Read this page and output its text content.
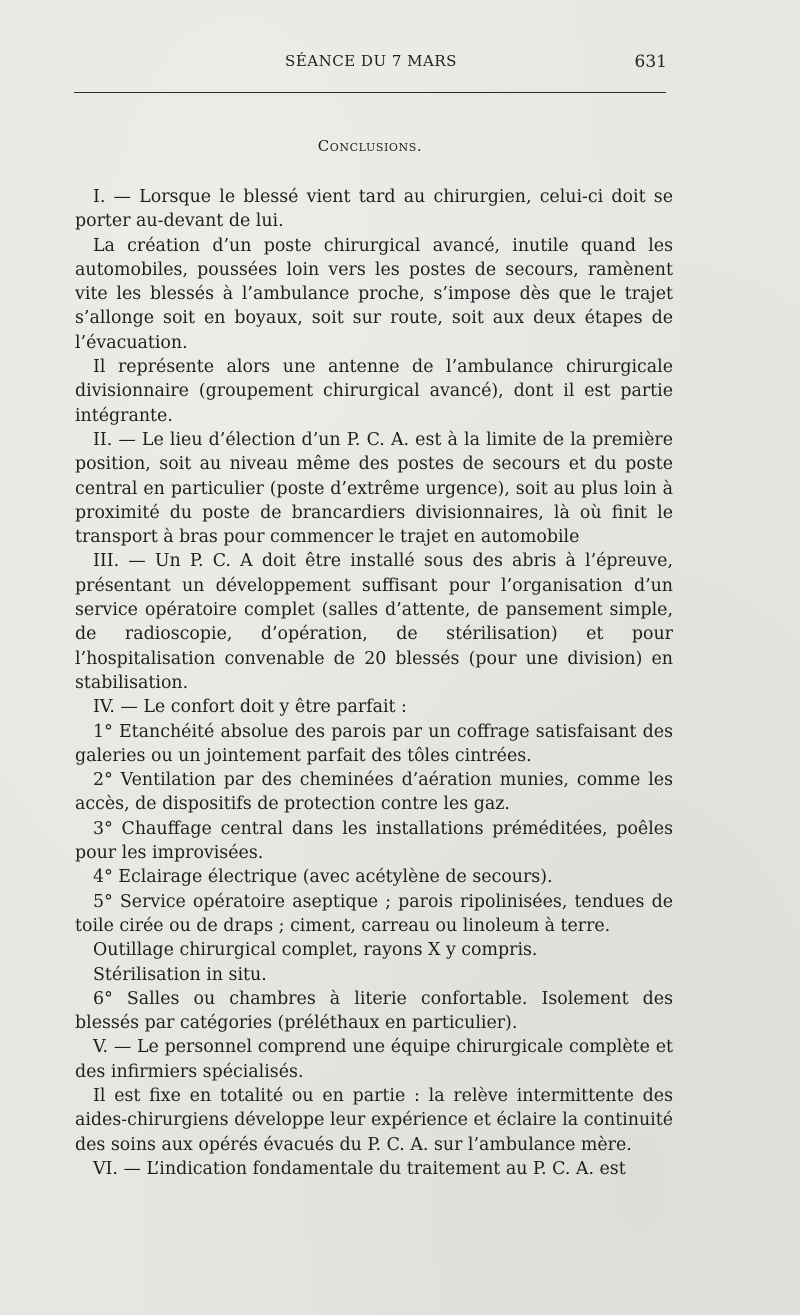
SÉANCE DU 7 MARS	631
Conclusions.

I. — Lorsque le blessé vient tard au chirurgien, celui-ci doit se porter au-devant de lui.

La création d’un poste chirurgical avancé, inutile quand les automobiles, poussées loin vers les postes de secours, ramènent vite les blessés à l’ambulance proche, s’impose dès que le trajet s’allonge soit en boyaux, soit sur route, soit aux deux étapes de l’évacuation.

Il représente alors une antenne de l’ambulance chirurgicale divisionnaire (groupement chirurgical avancé), dont il est partie intégrante.

II. — Le lieu d’élection d’un P. C. A. est à la limite de la première position, soit au niveau même des postes de secours et du poste central en particulier (poste d’extrême urgence), soit au plus loin à proximité du poste de brancardiers divisionnaires, là où finit le transport à bras pour commencer le trajet en automobile

III. — Un P. C. A doit être installé sous des abris à l’épreuve, présentant un développement suffisant pour l’organisation d’un service opératoire complet (salles d’attente, de pansement simple, de radioscopie, d’opération, de stérilisation) et pour l’hospitalisation convenable de 20 blessés (pour une division) en stabilisation.

IV. — Le confort doit y être parfait :

1° Etanchéité absolue des parois par un coffrage satisfaisant des galeries ou un jointement parfait des tôles cintrées.

2° Ventilation par des cheminées d’aération munies, comme les accès, de dispositifs de protection contre les gaz.

3° Chauffage central dans les installations préméditées, poêles pour les improvisées.

4° Eclairage électrique (avec acétylène de secours).

5° Service opératoire aseptique ; parois ripolinisées, tendues de toile cirée ou de draps ; ciment, carreau ou linoleum à terre.

Outillage chirurgical complet, rayons X y compris.

Stérilisation in situ.

6° Salles ou chambres à literie confortable. Isolement des blessés par catégories (préléthaux en particulier).

V. — Le personnel comprend une équipe chirurgicale complète et des infirmiers spécialisés.

Il est fixe en totalité ou en partie : la relève intermittente des aides-chirurgiens développe leur expérience et éclaire la continuité des soins aux opérés évacués du P. C. A. sur l’ambulance mère.

VI. — L’indication fondamentale du traitement au P. C. A. est
